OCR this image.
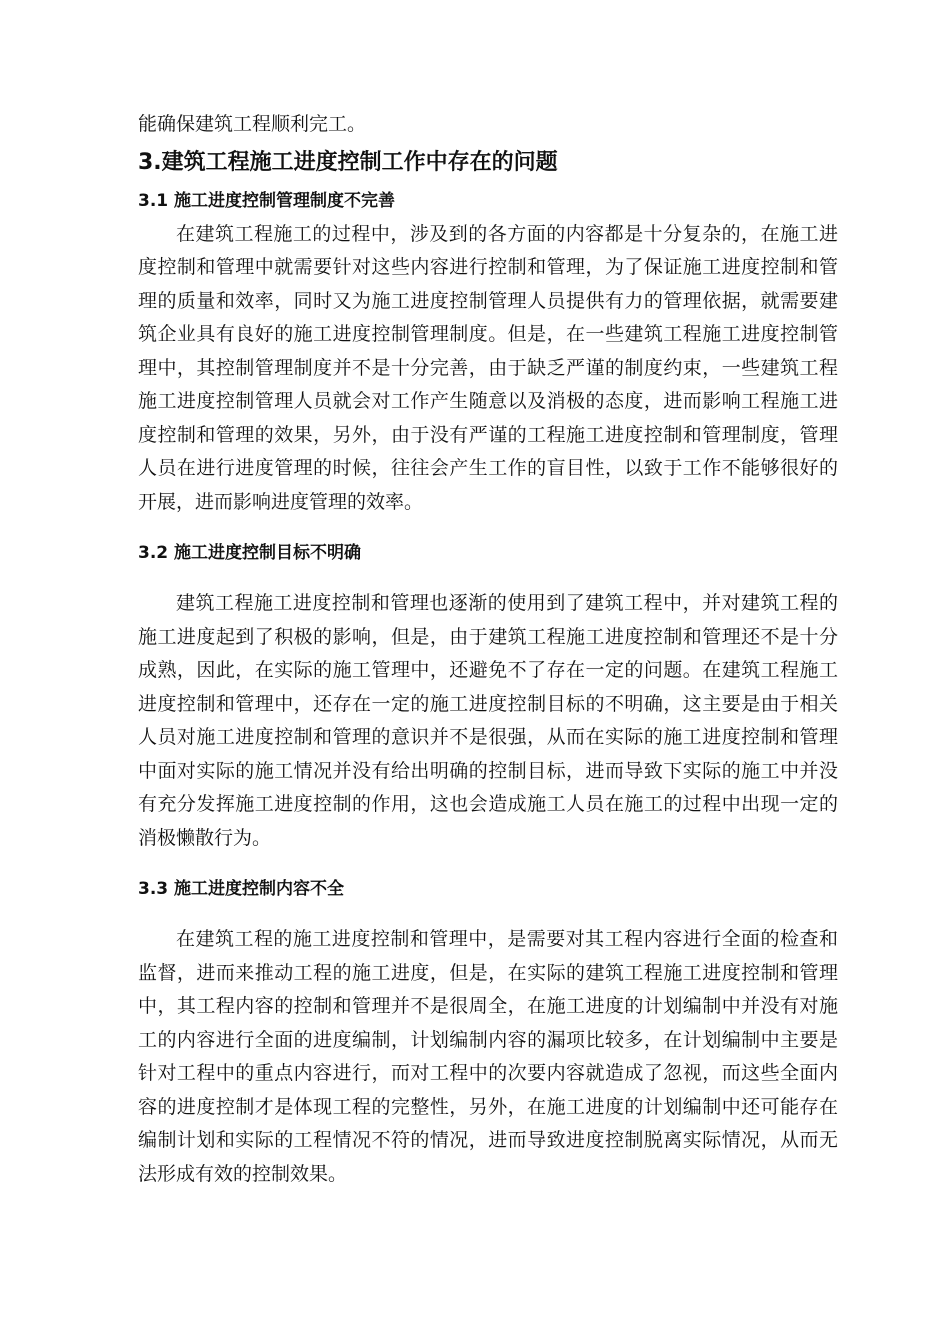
能确保建筑工程顺利完工。
3.建筑工程施工进度控制工作中存在的问题
3.1 施工进度控制管理制度不完善
在建筑工程施工的过程中，涉及到的各方面的内容都是十分复杂的，在施工进
度控制和管理中就需要针对这些内容进行控制和管理，为了保证施工进度控制和管
理的质量和效率，同时又为施工进度控制管理人员提供有力的管理依据，就需要建
筑企业具有良好的施工进度控制管理制度。但是，在一些建筑工程施工进度控制管
理中，其控制管理制度并不是十分完善，由于缺乏严谨的制度约束，一些建筑工程
施工进度控制管理人员就会对工作产生随意以及消极的态度，进而影响工程施工进
度控制和管理的效果，另外，由于没有严谨的工程施工进度控制和管理制度，管理
人员在进行进度管理的时候，往往会产生工作的盲目性，以致于工作不能够很好的
开展，进而影响进度管理的效率。
3.2 施工进度控制目标不明确
建筑工程施工进度控制和管理也逐渐的使用到了建筑工程中，并对建筑工程的
施工进度起到了积极的影响，但是，由于建筑工程施工进度控制和管理还不是十分
成熟，因此，在实际的施工管理中，还避免不了存在一定的问题。在建筑工程施工
进度控制和管理中，还存在一定的施工进度控制目标的不明确，这主要是由于相关
人员对施工进度控制和管理的意识并不是很强，从而在实际的施工进度控制和管理
中面对实际的施工情况并没有给出明确的控制目标，进而导致下实际的施工中并没
有充分发挥施工进度控制的作用，这也会造成施工人员在施工的过程中出现一定的
消极懒散行为。
3.3 施工进度控制内容不全
在建筑工程的施工进度控制和管理中，是需要对其工程内容进行全面的检查和
监督，进而来推动工程的施工进度，但是，在实际的建筑工程施工进度控制和管理
中，其工程内容的控制和管理并不是很周全，在施工进度的计划编制中并没有对施
工的内容进行全面的进度编制，计划编制内容的漏项比较多，在计划编制中主要是
针对工程中的重点内容进行，而对工程中的次要内容就造成了忽视，而这些全面内
容的进度控制才是体现工程的完整性，另外，在施工进度的计划编制中还可能存在
编制计划和实际的工程情况不符的情况，进而导致进度控制脱离实际情况，从而无
法形成有效的控制效果。
